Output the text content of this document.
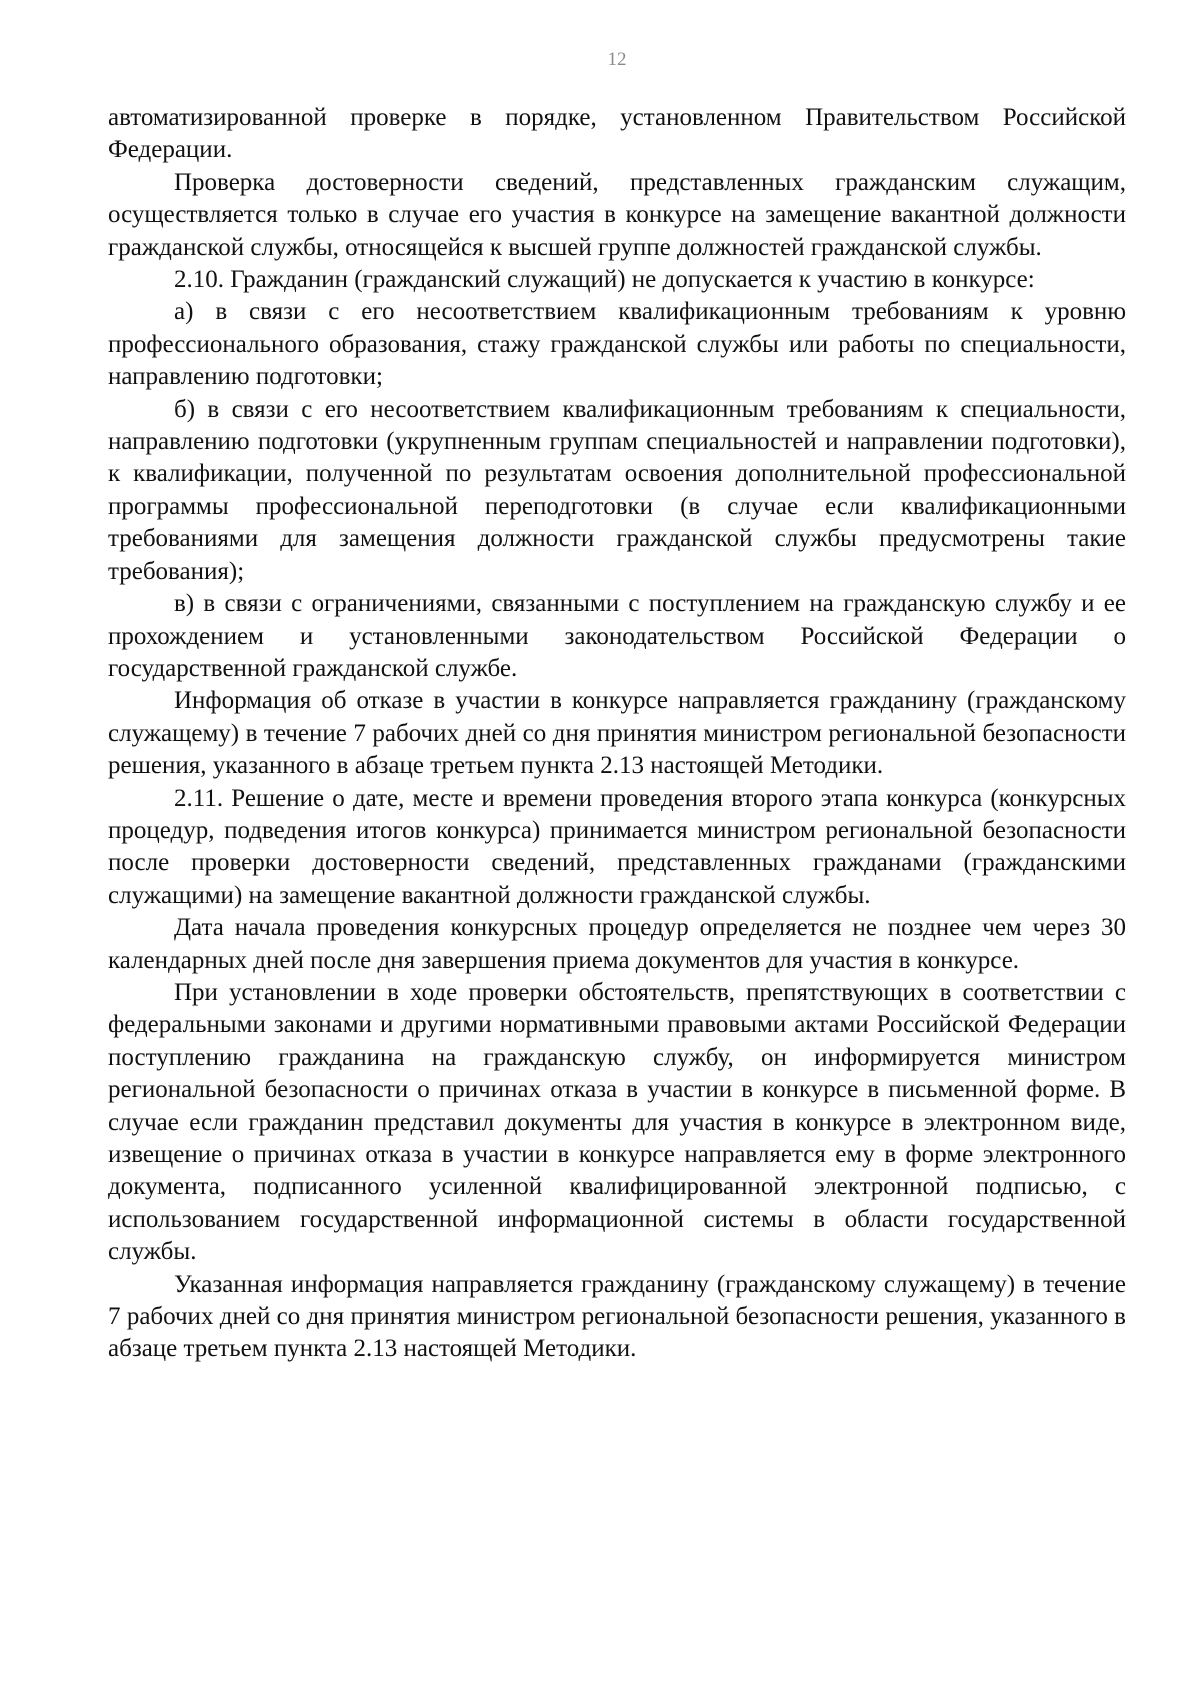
12

автоматизированной проверке в порядке, установленном Правительством Российской Федерации.

Проверка достоверности сведений, представленных гражданским служащим, осуществляется только в случае его участия в конкурсе на замещение вакантной должности гражданской службы, относящейся к высшей группе должностей гражданской службы.

2.10. Гражданин (гражданский служащий) не допускается к участию в конкурсе:

а) в связи с его несоответствием квалификационным требованиям к уровню профессионального образования, стажу гражданской службы или работы по специальности, направлению подготовки;

б) в связи с его несоответствием квалификационным требованиям к специальности, направлению подготовки (укрупненным группам специальностей и направлении подготовки), к квалификации, полученной по результатам освоения дополнительной профессиональной программы профессиональной переподготовки (в случае если квалификационными требованиями для замещения должности гражданской службы предусмотрены такие требования);

в) в связи с ограничениями, связанными с поступлением на гражданскую службу и ее прохождением и установленными законодательством Российской Федерации о государственной гражданской службе.

Информация об отказе в участии в конкурсе направляется гражданину (гражданскому служащему) в течение 7 рабочих дней со дня принятия министром региональной безопасности решения, указанного в абзаце третьем пункта 2.13 настоящей Методики.

2.11. Решение о дате, месте и времени проведения второго этапа конкурса (конкурсных процедур, подведения итогов конкурса) принимается министром региональной безопасности после проверки достоверности сведений, представленных гражданами (гражданскими служащими) на замещение вакантной должности гражданской службы.

Дата начала проведения конкурсных процедур определяется не позднее чем через 30 календарных дней после дня завершения приема документов для участия в конкурсе.

При установлении в ходе проверки обстоятельств, препятствующих в соответствии с федеральными законами и другими нормативными правовыми актами Российской Федерации поступлению гражданина на гражданскую службу, он информируется министром региональной безопасности о причинах отказа в участии в конкурсе в письменной форме. В случае если гражданин представил документы для участия в конкурсе в электронном виде, извещение о причинах отказа в участии в конкурсе направляется ему в форме электронного документа, подписанного усиленной квалифицированной электронной подписью, с использованием государственной информационной системы в области государственной службы.

Указанная информация направляется гражданину (гражданскому служащему) в течение 7 рабочих дней со дня принятия министром региональной безопасности решения, указанного в абзаце третьем пункта 2.13 настоящей Методики.
